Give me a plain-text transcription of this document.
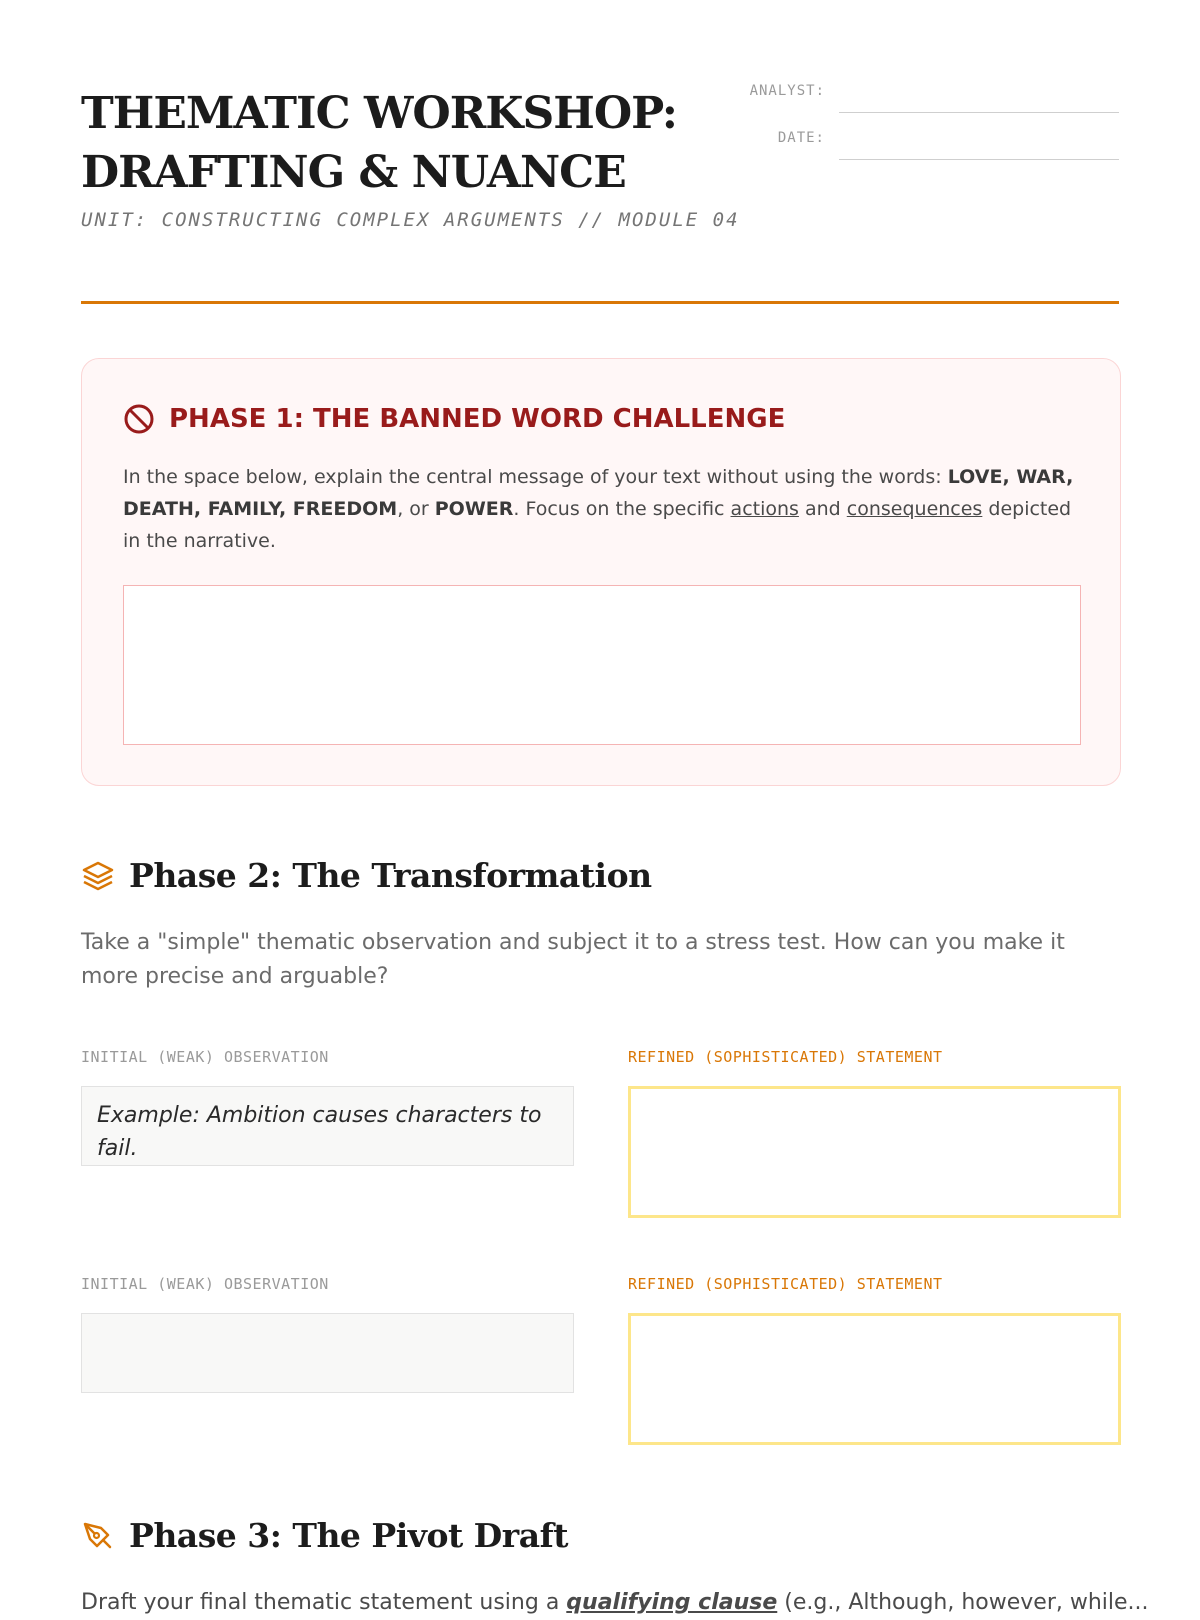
THEMATIC WORKSHOP:
DRAFTING & NUANCE
UNIT: CONSTRUCTING COMPLEX ARGUMENTS // MODULE 04
ANALYST:
DATE:
PHASE 1: THE BANNED WORD CHALLENGE
In the space below, explain the central message of your text without using the words: LOVE, WAR, DEATH, FAMILY, FREEDOM, or POWER. Focus on the specific actions and consequences depicted in the narrative.
Phase 2: The Transformation
Take a "simple" thematic observation and subject it to a stress test. How can you make it more precise and arguable?
INITIAL (WEAK) OBSERVATION	REFINED (SOPHISTICATED) STATEMENT
Example: Ambition causes characters to fail.
INITIAL (WEAK) OBSERVATION	REFINED (SOPHISTICATED) STATEMENT
Phase 3: The Pivot Draft
Draft your final thematic statement using a qualifying clause (e.g., Although, however, while...
